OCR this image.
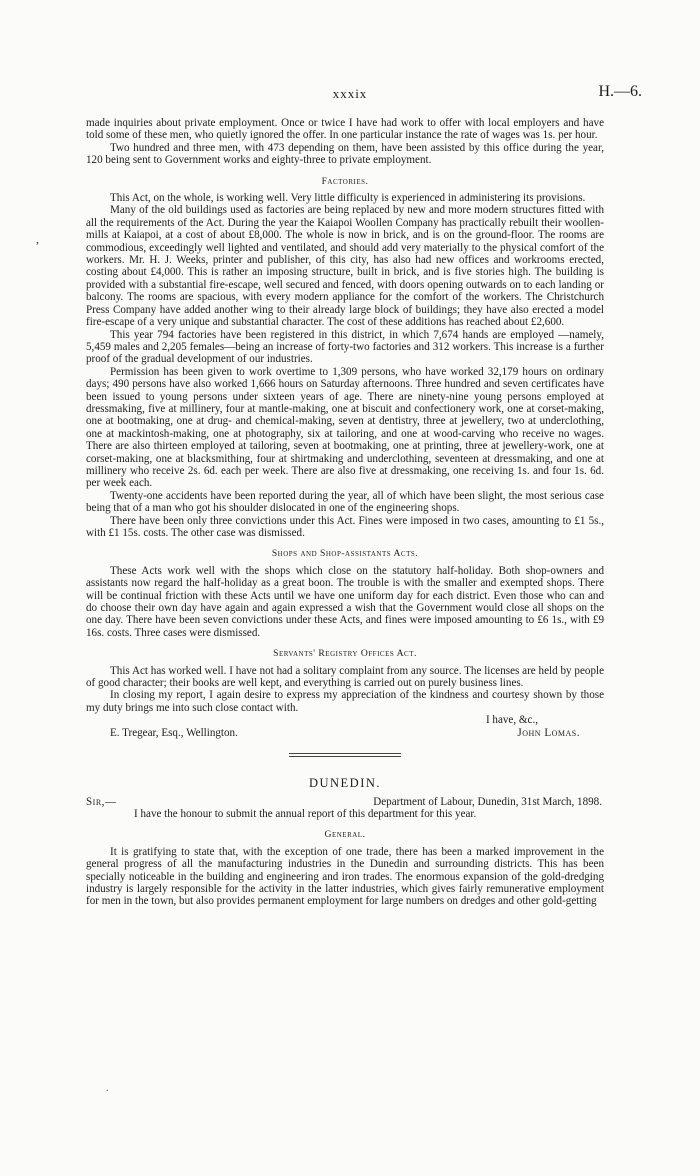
xxxix	H.—6.
,

made inquiries about private employment. Once or twice I have had work to offer with local employers and have told some of these men, who quietly ignored the offer. In one particular instance the rate of wages was 1s. per hour.

Two hundred and three men, with 473 depending on them, have been assisted by this office during the year, 120 being sent to Government works and eighty-three to private employment.

Factories.

This Act, on the whole, is working well. Very little difficulty is experienced in administering its provisions.

Many of the old buildings used as factories are being replaced by new and more modern structures fitted with all the requirements of the Act. During the year the Kaiapoi Woollen Company has practically rebuilt their woollen-mills at Kaiapoi, at a cost of about £8,000. The whole is now in brick, and is on the ground-floor. The rooms are commodious, exceedingly well lighted and ventilated, and should add very materially to the physical comfort of the workers. Mr. H. J. Weeks, printer and publisher, of this city, has also had new offices and workrooms erected, costing about £4,000. This is rather an imposing structure, built in brick, and is five stories high. The building is provided with a substantial fire-escape, well secured and fenced, with doors opening outwards on to each landing or balcony. The rooms are spacious, with every modern appliance for the comfort of the workers. The Christchurch Press Company have added another wing to their already large block of buildings; they have also erected a model fire-escape of a very unique and substantial character. The cost of these additions has reached about £2,600.

This year 794 factories have been registered in this district, in which 7,674 hands are employed —namely, 5,459 males and 2,205 females—being an increase of forty-two factories and 312 workers. This increase is a further proof of the gradual development of our industries.

Permission has been given to work overtime to 1,309 persons, who have worked 32,179 hours on ordinary days; 490 persons have also worked 1,666 hours on Saturday afternoons. Three hundred and seven certificates have been issued to young persons under sixteen years of age. There are ninety-nine young persons employed at dressmaking, five at millinery, four at mantle-making, one at biscuit and confectionery work, one at corset-making, one at bootmaking, one at drug- and chemical-making, seven at dentistry, three at jewellery, two at underclothing, one at mackintosh-making, one at photography, six at tailoring, and one at wood-carving who receive no wages. There are also thirteen employed at tailoring, seven at bootmaking, one at printing, three at jewellery-work, one at corset-making, one at blacksmithing, four at shirtmaking and underclothing, seventeen at dressmaking, and one at millinery who receive 2s. 6d. each per week. There are also five at dressmaking, one receiving 1s. and four 1s. 6d. per week each.

Twenty-one accidents have been reported during the year, all of which have been slight, the most serious case being that of a man who got his shoulder dislocated in one of the engineering shops.

There have been only three convictions under this Act. Fines were imposed in two cases, amounting to £1 5s., with £1 15s. costs. The other case was dismissed.

Shops and Shop-assistants Acts.

These Acts work well with the shops which close on the statutory half-holiday. Both shop-owners and assistants now regard the half-holiday as a great boon. The trouble is with the smaller and exempted shops. There will be continual friction with these Acts until we have one uniform day for each district. Even those who can and do choose their own day have again and again expressed a wish that the Government would close all shops on the one day. There have been seven convictions under these Acts, and fines were imposed amounting to £6 1s., with £9 16s. costs. Three cases were dismissed.

Servants' Registry Offices Act.

This Act has worked well. I have not had a solitary complaint from any source. The licenses are held by people of good character; their books are well kept, and everything is carried out on purely business lines.

In closing my report, I again desire to express my appreciation of the kindness and courtesy shown by those my duty brings me into such close contact with.

I have, &c.,

E. Tregear, Esq., Wellington.	John Lomas.
DUNEDIN.
Sir,—	Department of Labour, Dunedin, 31st March, 1898.

I have the honour to submit the annual report of this department for this year.

General.

It is gratifying to state that, with the exception of one trade, there has been a marked improvement in the general progress of all the manufacturing industries in the Dunedin and surrounding districts. This has been specially noticeable in the building and engineering and iron trades. The enormous expansion of the gold-dredging industry is largely responsible for the activity in the latter industries, which gives fairly remunerative employment for men in the town, but also provides permanent employment for large numbers on dredges and other gold-getting

.
